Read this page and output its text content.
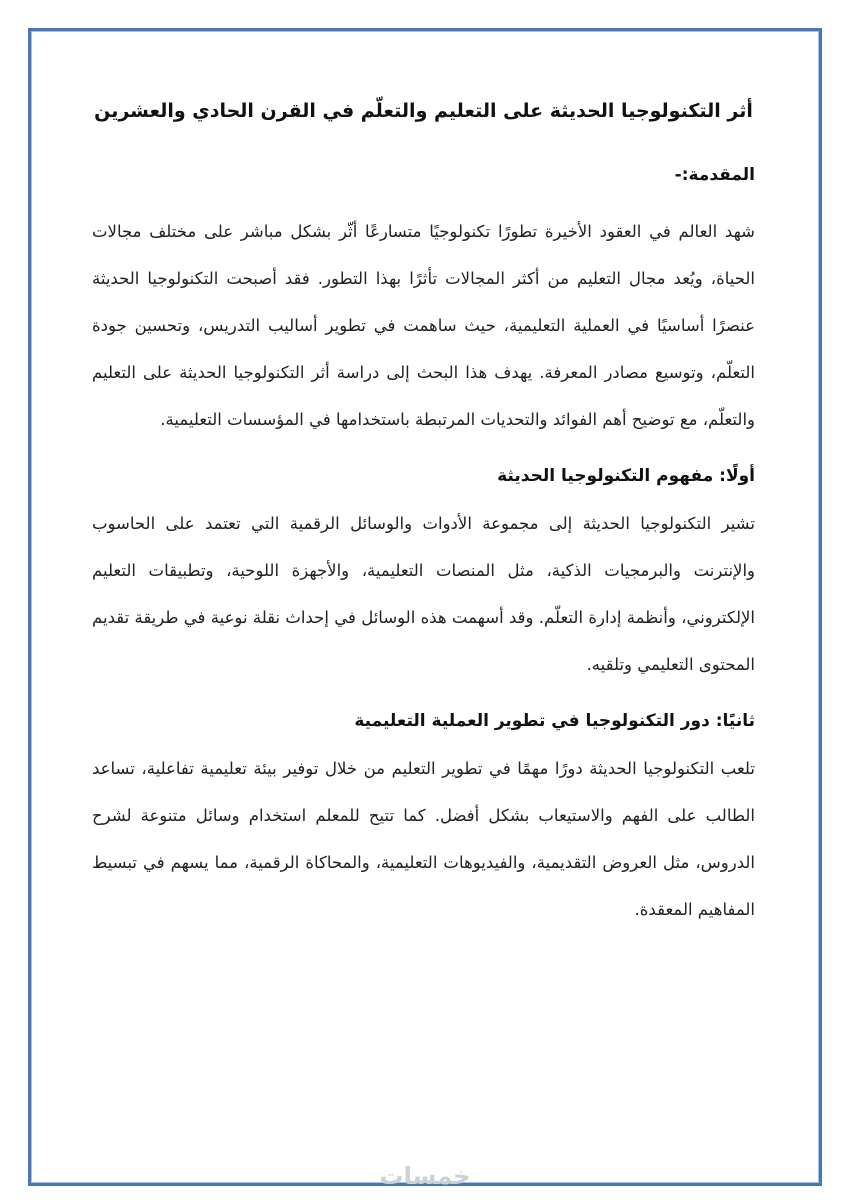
أثر التكنولوجيا الحديثة على التعليم والتعلّم في القرن الحادي والعشرين
المقدمة:-

شهد العالم في العقود الأخيرة تطورًا تكنولوجيًا متسارعًا أثّر بشكل مباشر على مختلف مجالات الحياة، ويُعد مجال التعليم من أكثر المجالات تأثرًا بهذا التطور. فقد أصبحت التكنولوجيا الحديثة عنصرًا أساسيًا في العملية التعليمية، حيث ساهمت في تطوير أساليب التدريس، وتحسين جودة التعلّم، وتوسيع مصادر المعرفة. يهدف هذا البحث إلى دراسة أثر التكنولوجيا الحديثة على التعليم والتعلّم، مع توضيح أهم الفوائد والتحديات المرتبطة باستخدامها في المؤسسات التعليمية.

أولًا: مفهوم التكنولوجيا الحديثة

تشير التكنولوجيا الحديثة إلى مجموعة الأدوات والوسائل الرقمية التي تعتمد على الحاسوب والإنترنت والبرمجيات الذكية، مثل المنصات التعليمية، والأجهزة اللوحية، وتطبيقات التعليم الإلكتروني، وأنظمة إدارة التعلّم. وقد أسهمت هذه الوسائل في إحداث نقلة نوعية في طريقة تقديم المحتوى التعليمي وتلقيه.

ثانيًا: دور التكنولوجيا في تطوير العملية التعليمية

تلعب التكنولوجيا الحديثة دورًا مهمًا في تطوير التعليم من خلال توفير بيئة تعليمية تفاعلية، تساعد الطالب على الفهم والاستيعاب بشكل أفضل. كما تتيح للمعلم استخدام وسائل متنوعة لشرح الدروس، مثل العروض التقديمية، والفيديوهات التعليمية، والمحاكاة الرقمية، مما يسهم في تبسيط المفاهيم المعقدة.

خمسات
